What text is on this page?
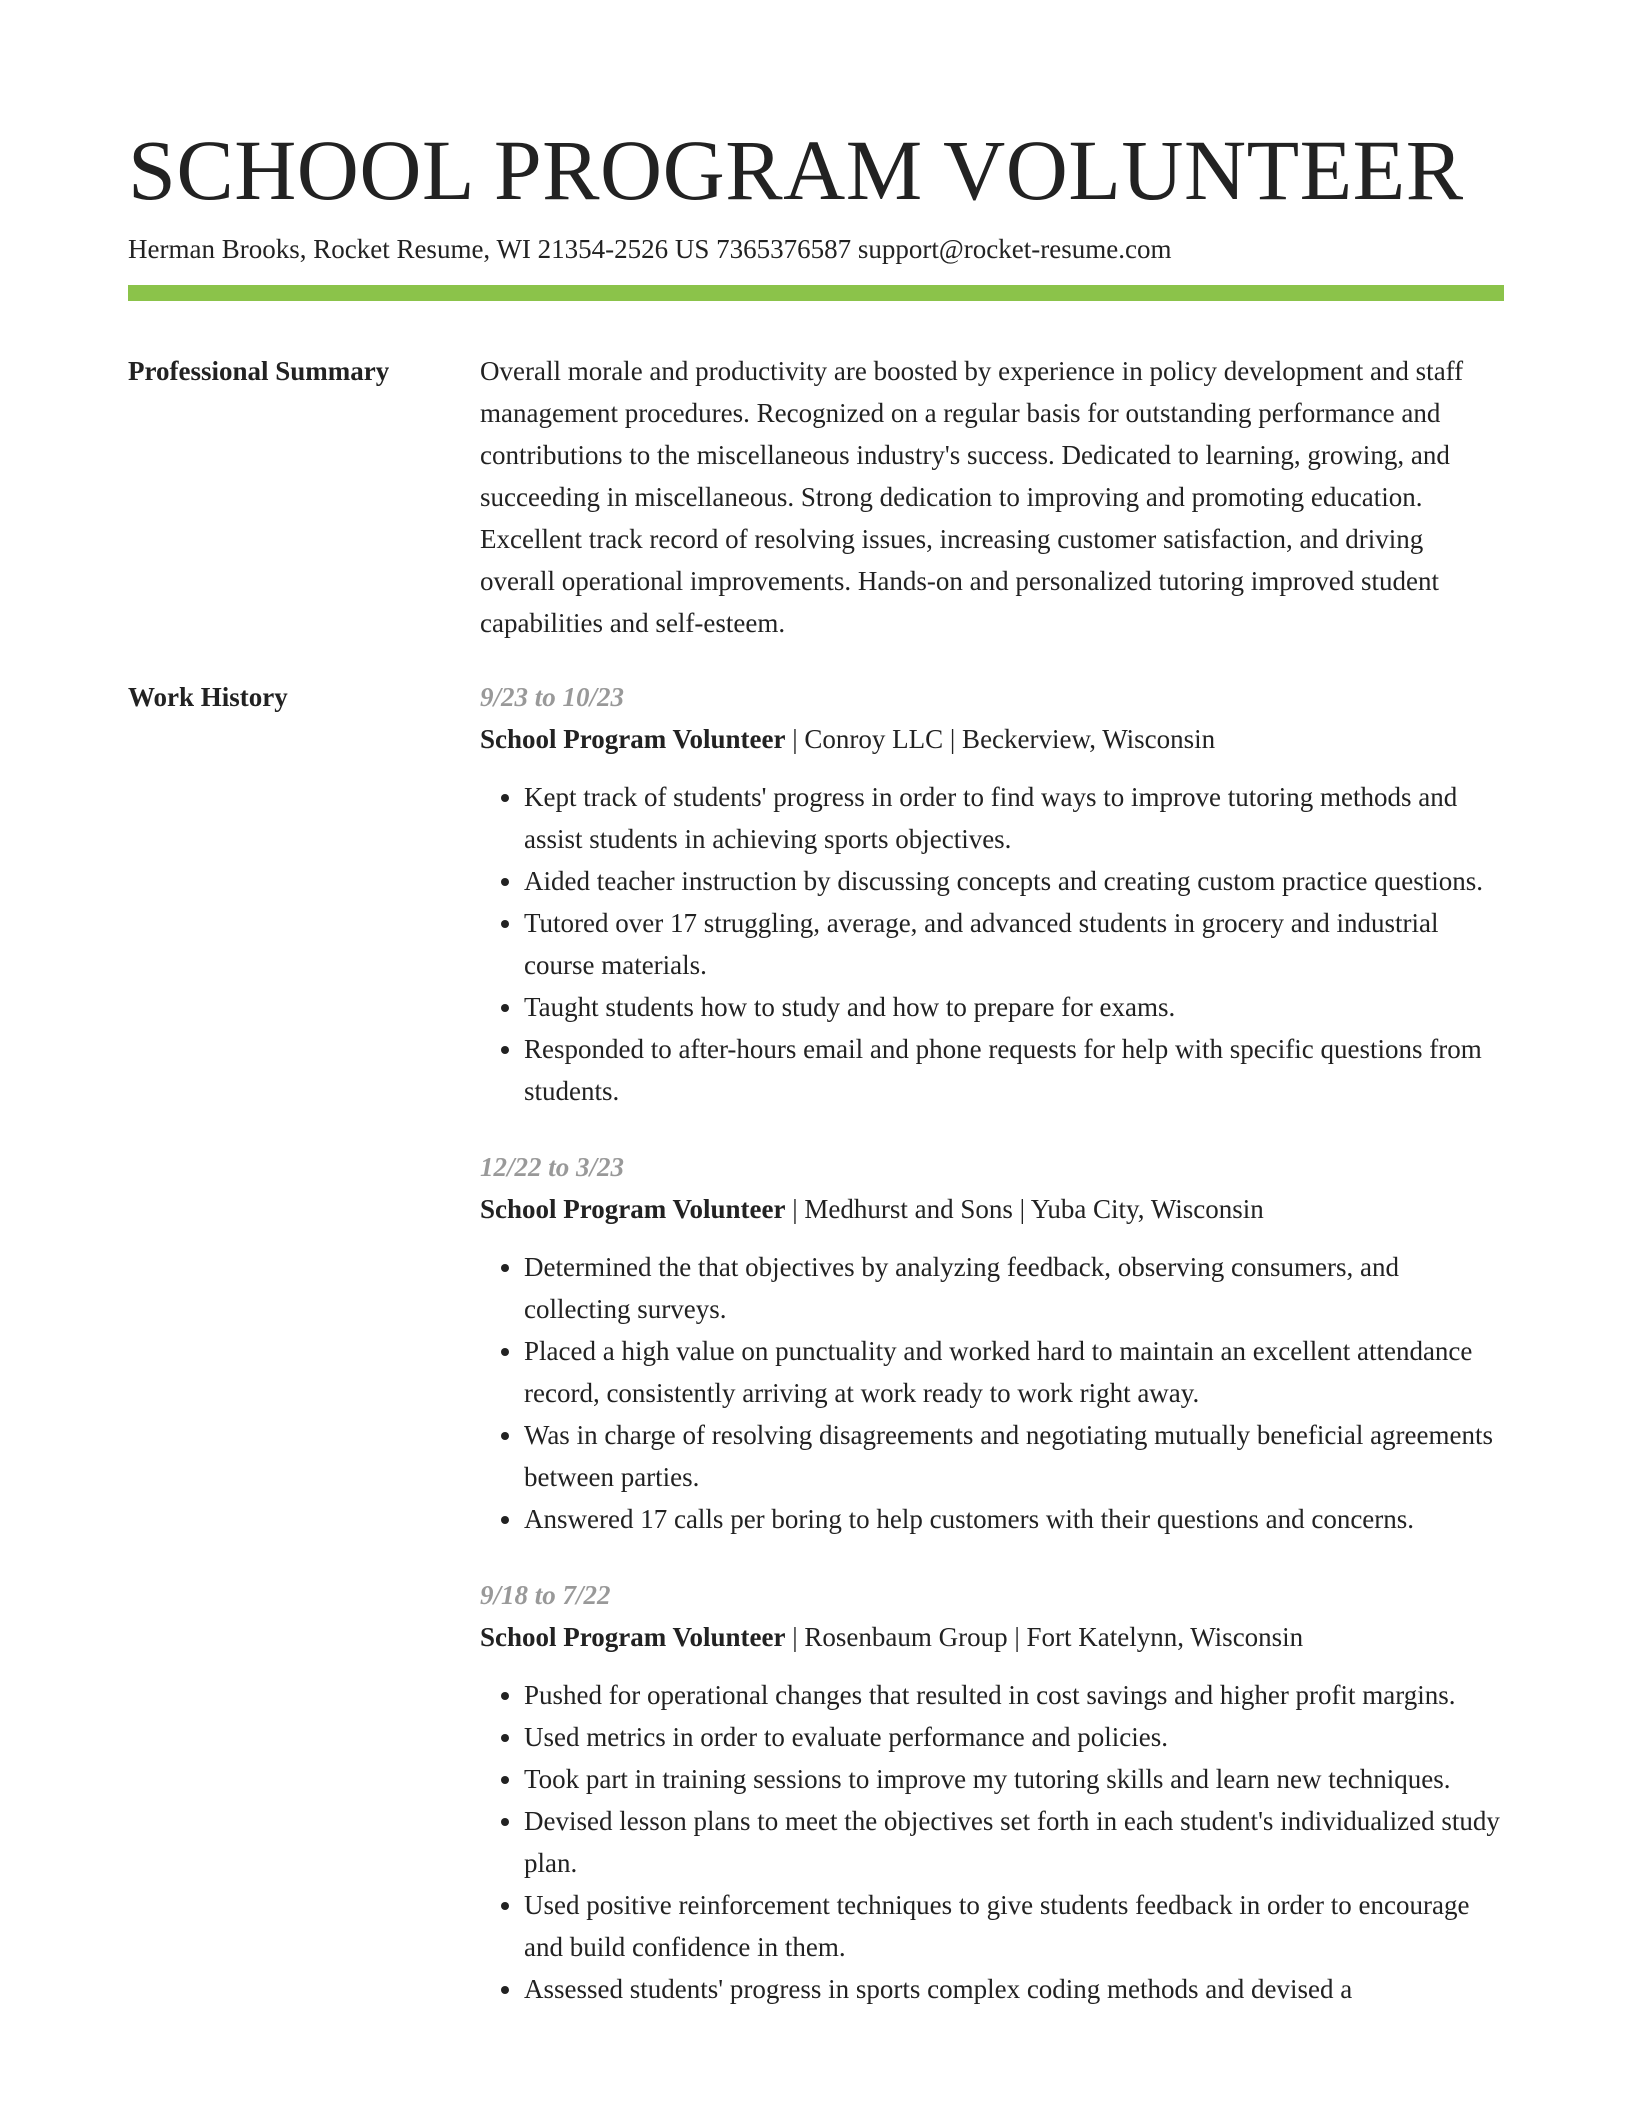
SCHOOL PROGRAM VOLUNTEER
Herman Brooks, Rocket Resume, WI 21354-2526 US 7365376587 support@rocket-resume.com
Professional Summary	Overall morale and productivity are boosted by experience in policy development and staff management procedures. Recognized on a regular basis for outstanding performance and contributions to the miscellaneous industry's success. Dedicated to learning, growing, and succeeding in miscellaneous. Strong dedication to improving and promoting education. Excellent track record of resolving issues, increasing customer satisfaction, and driving overall operational improvements. Hands-on and personalized tutoring improved student capabilities and self-esteem.

Work History	9/23 to 10/23
School Program Volunteer | Conroy LLC | Beckerview, Wisconsin
• Kept track of students' progress in order to find ways to improve tutoring methods and assist students in achieving sports objectives.
• Aided teacher instruction by discussing concepts and creating custom practice questions.
• Tutored over 17 struggling, average, and advanced students in grocery and industrial course materials.
• Taught students how to study and how to prepare for exams.
• Responded to after-hours email and phone requests for help with specific questions from students.
12/22 to 3/23
School Program Volunteer | Medhurst and Sons | Yuba City, Wisconsin
• Determined the that objectives by analyzing feedback, observing consumers, and collecting surveys.
• Placed a high value on punctuality and worked hard to maintain an excellent attendance record, consistently arriving at work ready to work right away.
• Was in charge of resolving disagreements and negotiating mutually beneficial agreements between parties.
• Answered 17 calls per boring to help customers with their questions and concerns.
9/18 to 7/22
School Program Volunteer | Rosenbaum Group | Fort Katelynn, Wisconsin
• Pushed for operational changes that resulted in cost savings and higher profit margins.
• Used metrics in order to evaluate performance and policies.
• Took part in training sessions to improve my tutoring skills and learn new techniques.
• Devised lesson plans to meet the objectives set forth in each student's individualized study plan.
• Used positive reinforcement techniques to give students feedback in order to encourage and build confidence in them.
• Assessed students' progress in sports complex coding methods and devised a
